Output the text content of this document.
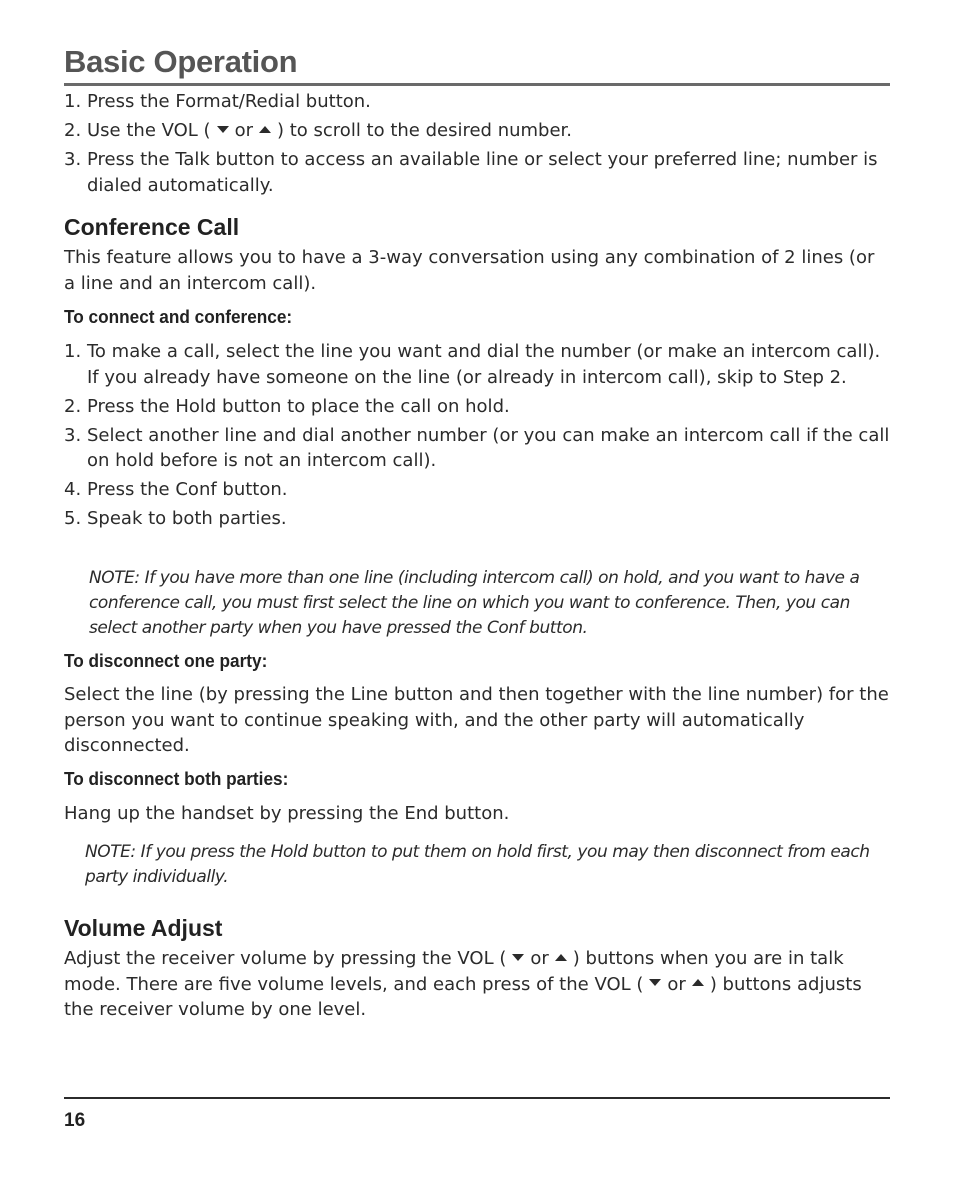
Basic Operation
1. Press the Format/Redial button.
2. Use the VOL ( or ) to scroll to the desired number.
3. Press the Talk button to access an available line or select your preferred line; number is dialed automatically.
Conference Call
This feature allows you to have a 3-way conversation using any combination of 2 lines (or a line and an intercom call).
To connect and conference:
1. To make a call, select the line you want and dial the number (or make an intercom call). If you already have someone on the line (or already in intercom call), skip to Step 2.
2. Press the Hold button to place the call on hold.
3. Select another line and dial another number (or you can make an intercom call if the call on hold before is not an intercom call).
4. Press the Conf button.
5. Speak to both parties.
NOTE: If you have more than one line (including intercom call) on hold, and you want to have a conference call, you must first select the line on which you want to conference. Then, you can select another party when you have pressed the Conf button.
To disconnect one party:
Select the line (by pressing the Line button and then together with the line number) for the person you want to continue speaking with, and the other party will automatically disconnected.
To disconnect both parties:
Hang up the handset by pressing the End button.
NOTE: If you press the Hold button to put them on hold first, you may then disconnect from each party individually.
Volume Adjust
Adjust the receiver volume by pressing the VOL ( or ) buttons when you are in talk mode. There are five volume levels, and each press of the VOL ( or ) buttons adjusts the receiver volume by one level.
16
